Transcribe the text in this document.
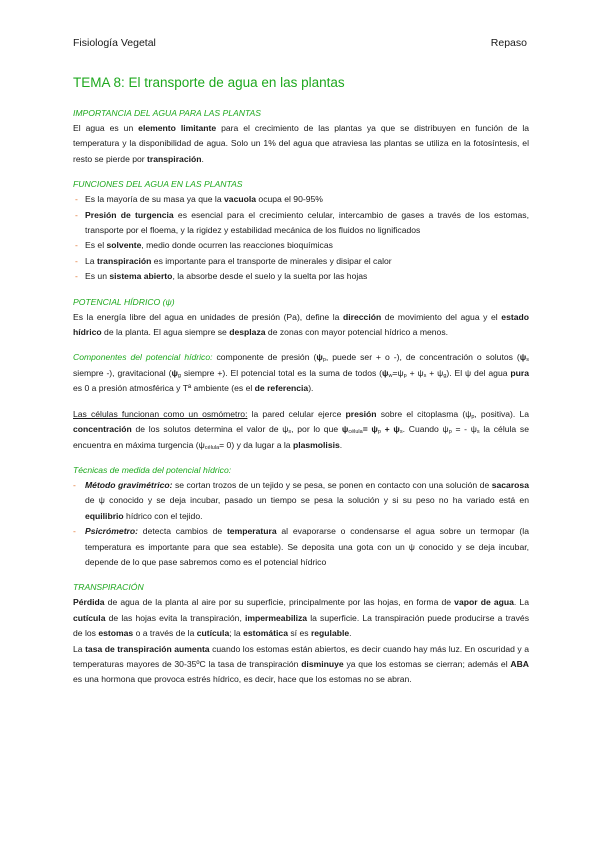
Fisiología Vegetal	Repaso
TEMA 8: El transporte de agua en las plantas
IMPORTANCIA DEL AGUA PARA LAS PLANTAS

El agua es un elemento limitante para el crecimiento de las plantas ya que se distribuyen en función de la temperatura y la disponibilidad de agua. Solo un 1% del agua que atraviesa las plantas se utiliza en la fotosíntesis, el resto se pierde por transpiración.

FUNCIONES DEL AGUA EN LAS PLANTAS
- Es la mayoría de su masa ya que la vacuola ocupa el 90-95%
- Presión de turgencia es esencial para el crecimiento celular, intercambio de gases a través de los estomas, transporte por el floema, y la rigidez y estabilidad mecánica de los fluidos no lignificados
- Es el solvente, medio donde ocurren las reacciones bioquímicas
- La transpiración es importante para el transporte de minerales y disipar el calor
- Es un sistema abierto, la absorbe desde el suelo y la suelta por las hojas
POTENCIAL HÍDRICO (ψ)

Es la energía libre del agua en unidades de presión (Pa), define la dirección de movimiento del agua y el estado hídrico de la planta. El agua siempre se desplaza de zonas con mayor potencial hídrico a menos.

Componentes del potencial hídrico: componente de presión ($\psi_p$, puede ser + o -), de concentración o solutos ($\psi_s$ siempre -), gravitacional ($\psi_g$ siempre +). El potencial total es la suma de todos $(\psi_w=\psi_p + \psi_s + \psi_g)$. El ψ del agua pura es 0 a presión atmosférica y Tª ambiente (es el de referencia).

Las células funcionan como un osmómetro: la pared celular ejerce presión sobre el citoplasma ($\psi_p$, positiva). La concentración de los solutos determina el valor de $\psi_s$, por lo que $\psi_{célula}= \psi_p + \psi_s$. Cuando $\psi_p$ = - $\psi_s$ la célula se encuentra en máxima turgencia $(\psi_{célula}= 0)$ y da lugar a la plasmolisis.

Técnicas de medida del potencial hídrico:
- Método gravimétrico: se cortan trozos de un tejido y se pesa, se ponen en contacto con una solución de sacarosa de ψ conocido y se deja incubar, pasado un tiempo se pesa la solución y si su peso no ha variado está en equilibrio hídrico con el tejido.
- Psicrómetro: detecta cambios de temperatura al evaporarse o condensarse el agua sobre un termopar (la temperatura es importante para que sea estable). Se deposita una gota con un ψ conocido y se deja incubar, depende de lo que pase sabremos como es el potencial hídrico
TRANSPIRACIÓN

Pérdida de agua de la planta al aire por su superficie, principalmente por las hojas, en forma de vapor de agua. La cutícula de las hojas evita la transpiración, impermeabiliza la superficie. La transpiración puede producirse a través de los estomas o a través de la cutícula; la estomática sí es regulable.

La tasa de transpiración aumenta cuando los estomas están abiertos, es decir cuando hay más luz. En oscuridad y a temperaturas mayores de 30-35ºC la tasa de transpiración disminuye ya que los estomas se cierran; además el ABA es una hormona que provoca estrés hídrico, es decir, hace que los estomas no se abran.
